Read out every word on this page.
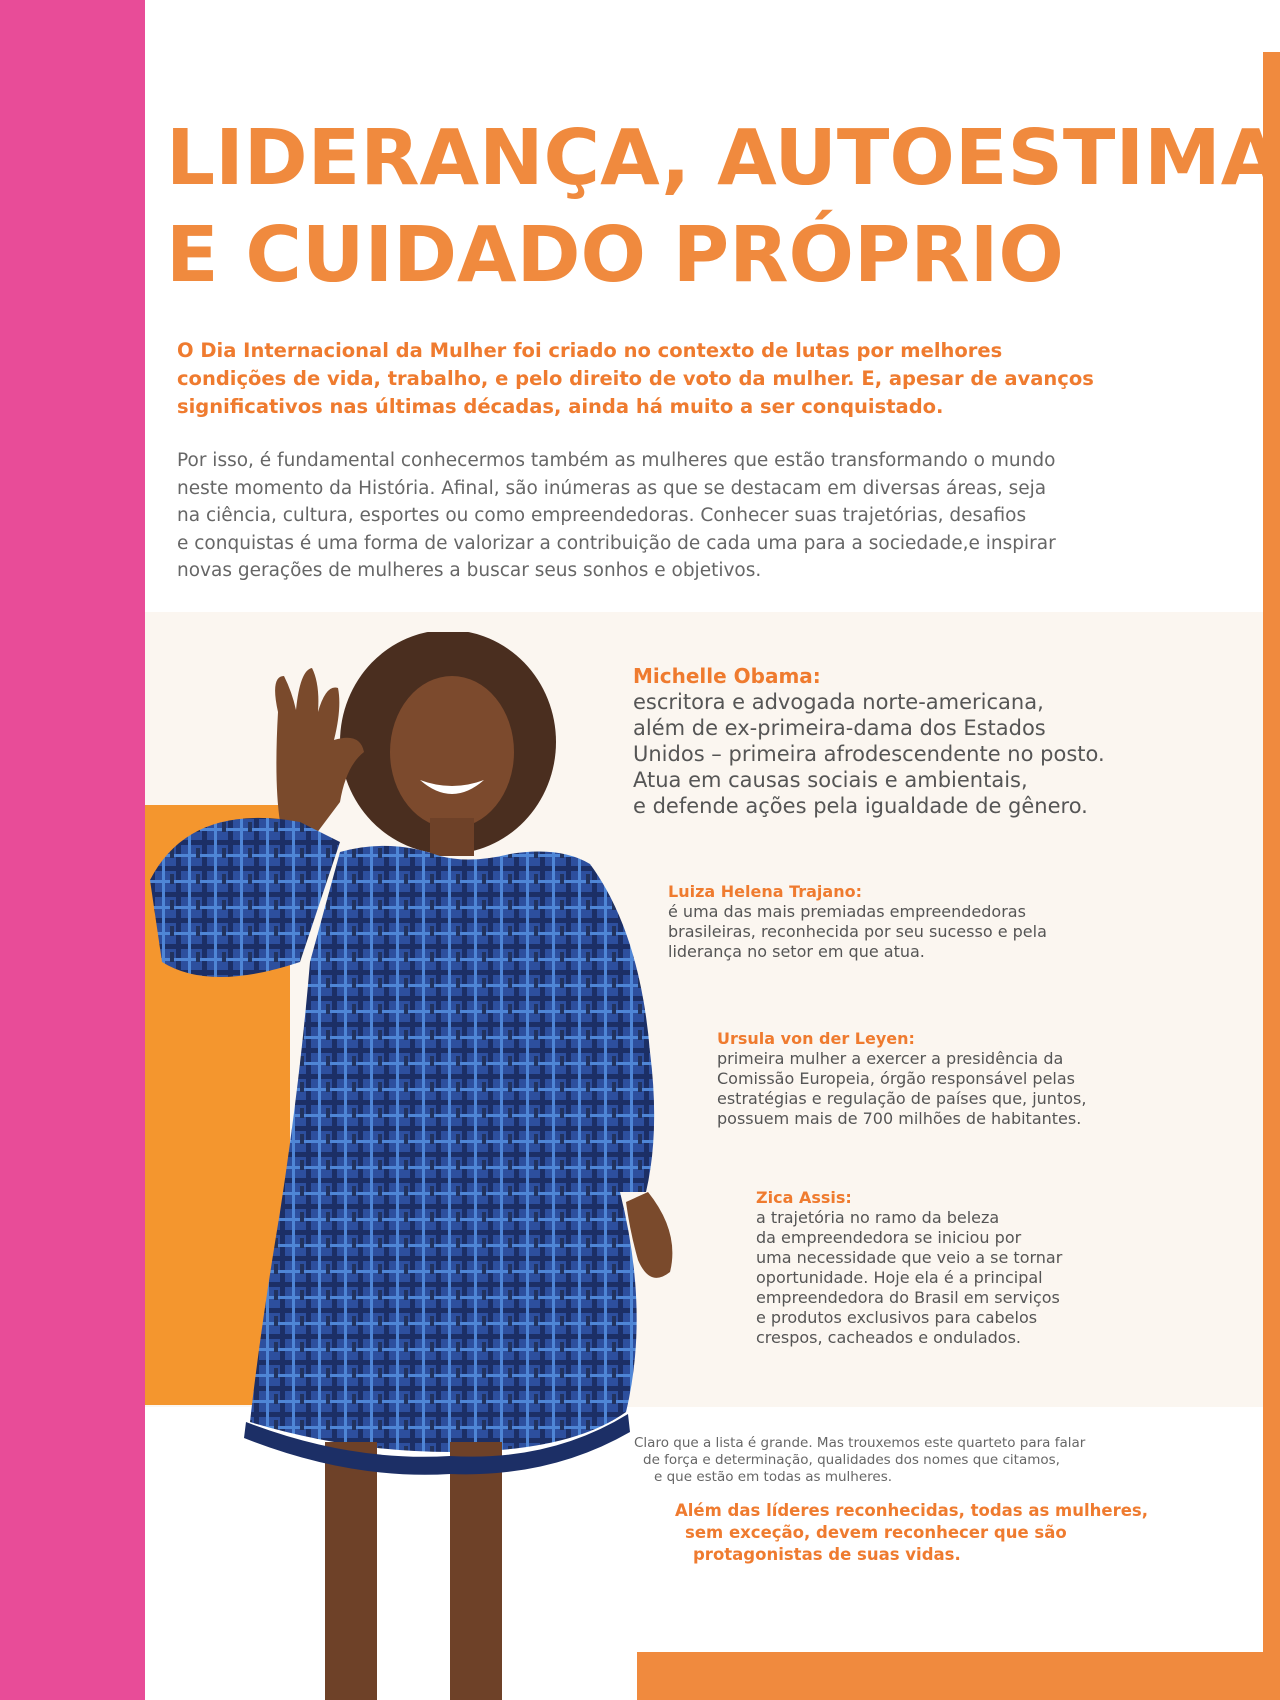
LIDERANÇA, AUTOESTIMA
E CUIDADO PRÓPRIO

O Dia Internacional da Mulher foi criado no contexto de lutas por melhores
condições de vida, trabalho, e pelo direito de voto da mulher. E, apesar de avanços
significativos nas últimas décadas, ainda há muito a ser conquistado.

Por isso, é fundamental conhecermos também as mulheres que estão transformando o mundo
neste momento da História. Afinal, são inúmeras as que se destacam em diversas áreas, seja
na ciência, cultura, esportes ou como empreendedoras. Conhecer suas trajetórias, desafios
e conquistas é uma forma de valorizar a contribuição de cada uma para a sociedade,e inspirar
novas gerações de mulheres a buscar seus sonhos e objetivos.

Michelle Obama:
escritora e advogada norte-americana,
além de ex-primeira-dama dos Estados
Unidos – primeira afrodescendente no posto.
Atua em causas sociais e ambientais,
e defende ações pela igualdade de gênero.
Luiza Helena Trajano:
é uma das mais premiadas empreendedoras
brasileiras, reconhecida por seu sucesso e pela
liderança no setor em que atua.
Ursula von der Leyen:
primeira mulher a exercer a presidência da
Comissão Europeia, órgão responsável pelas
estratégias e regulação de países que, juntos,
possuem mais de 700 milhões de habitantes.
Zica Assis:
a trajetória no ramo da beleza
da empreendedora se iniciou por
uma necessidade que veio a se tornar
oportunidade. Hoje ela é a principal
empreendedora do Brasil em serviços
e produtos exclusivos para cabelos
crespos, cacheados e ondulados.

Claro que a lista é grande. Mas trouxemos este quarteto para falar
de força e determinação, qualidades dos nomes que citamos,
e que estão em todas as mulheres.

Além das líderes reconhecidas, todas as mulheres,
sem exceção, devem reconhecer que são
protagonistas de suas vidas.
